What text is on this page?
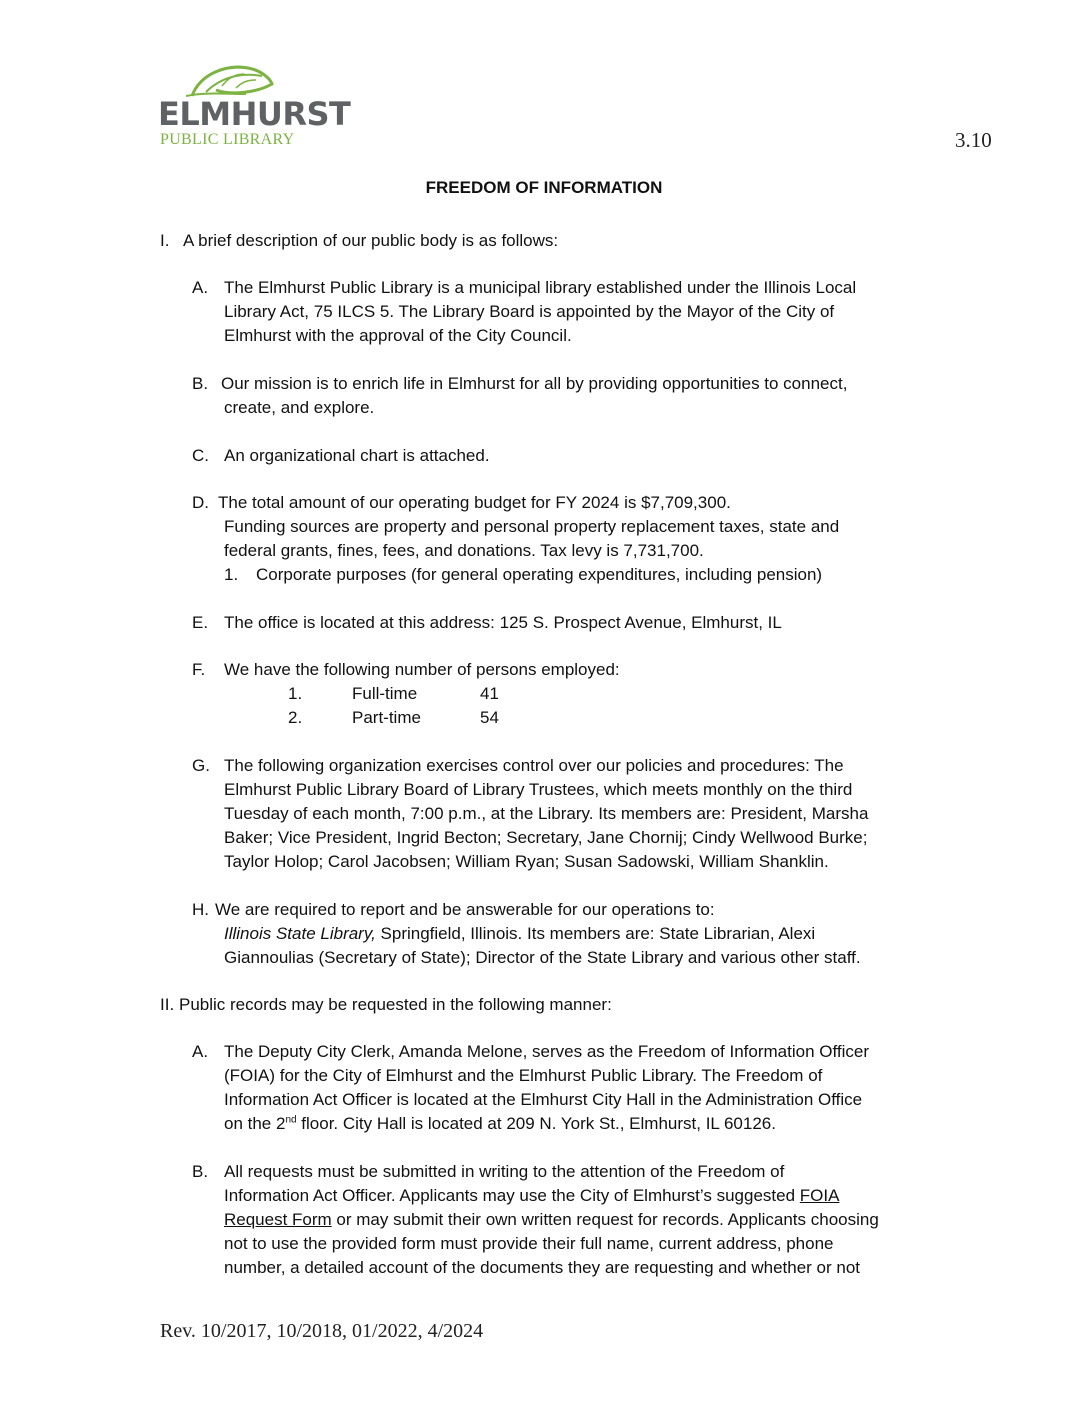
ELMHURST
PUBLIC LIBRARY	3.10
FREEDOM OF INFORMATION
I. A brief description of our public body is as follows:
A. The Elmhurst Public Library is a municipal library established under the Illinois Local
Library Act, 75 ILCS 5. The Library Board is appointed by the Mayor of the City of
Elmhurst with the approval of the City Council.
B. Our mission is to enrich life in Elmhurst for all by providing opportunities to connect,
create, and explore.
C. An organizational chart is attached.
D. The total amount of our operating budget for FY 2024 is $7,709,300.
Funding sources are property and personal property replacement taxes, state and
federal grants, fines, fees, and donations. Tax levy is 7,731,700.
1. Corporate purposes (for general operating expenditures, including pension)
E. The office is located at this address: 125 S. Prospect Avenue, Elmhurst, IL
F. We have the following number of persons employed:
1.	Full-time	41
2.	Part-time	54
G. The following organization exercises control over our policies and procedures: The
Elmhurst Public Library Board of Library Trustees, which meets monthly on the third
Tuesday of each month, 7:00 p.m., at the Library. Its members are: President, Marsha
Baker; Vice President, Ingrid Becton; Secretary, Jane Chornij; Cindy Wellwood Burke;
Taylor Holop; Carol Jacobsen; William Ryan; Susan Sadowski, William Shanklin.
H. We are required to report and be answerable for our operations to:
Illinois State Library, Springfield, Illinois. Its members are: State Librarian, Alexi
Giannoulias (Secretary of State); Director of the State Library and various other staff.
II. Public records may be requested in the following manner:
A. The Deputy City Clerk, Amanda Melone, serves as the Freedom of Information Officer
(FOIA) for the City of Elmhurst and the Elmhurst Public Library. The Freedom of
Information Act Officer is located at the Elmhurst City Hall in the Administration Office
on the 2nd floor. City Hall is located at 209 N. York St., Elmhurst, IL 60126.
B. All requests must be submitted in writing to the attention of the Freedom of
Information Act Officer. Applicants may use the City of Elmhurst’s suggested FOIA
Request Form or may submit their own written request for records. Applicants choosing
not to use the provided form must provide their full name, current address, phone
number, a detailed account of the documents they are requesting and whether or not
Rev. 10/2017, 10/2018, 01/2022, 4/2024
